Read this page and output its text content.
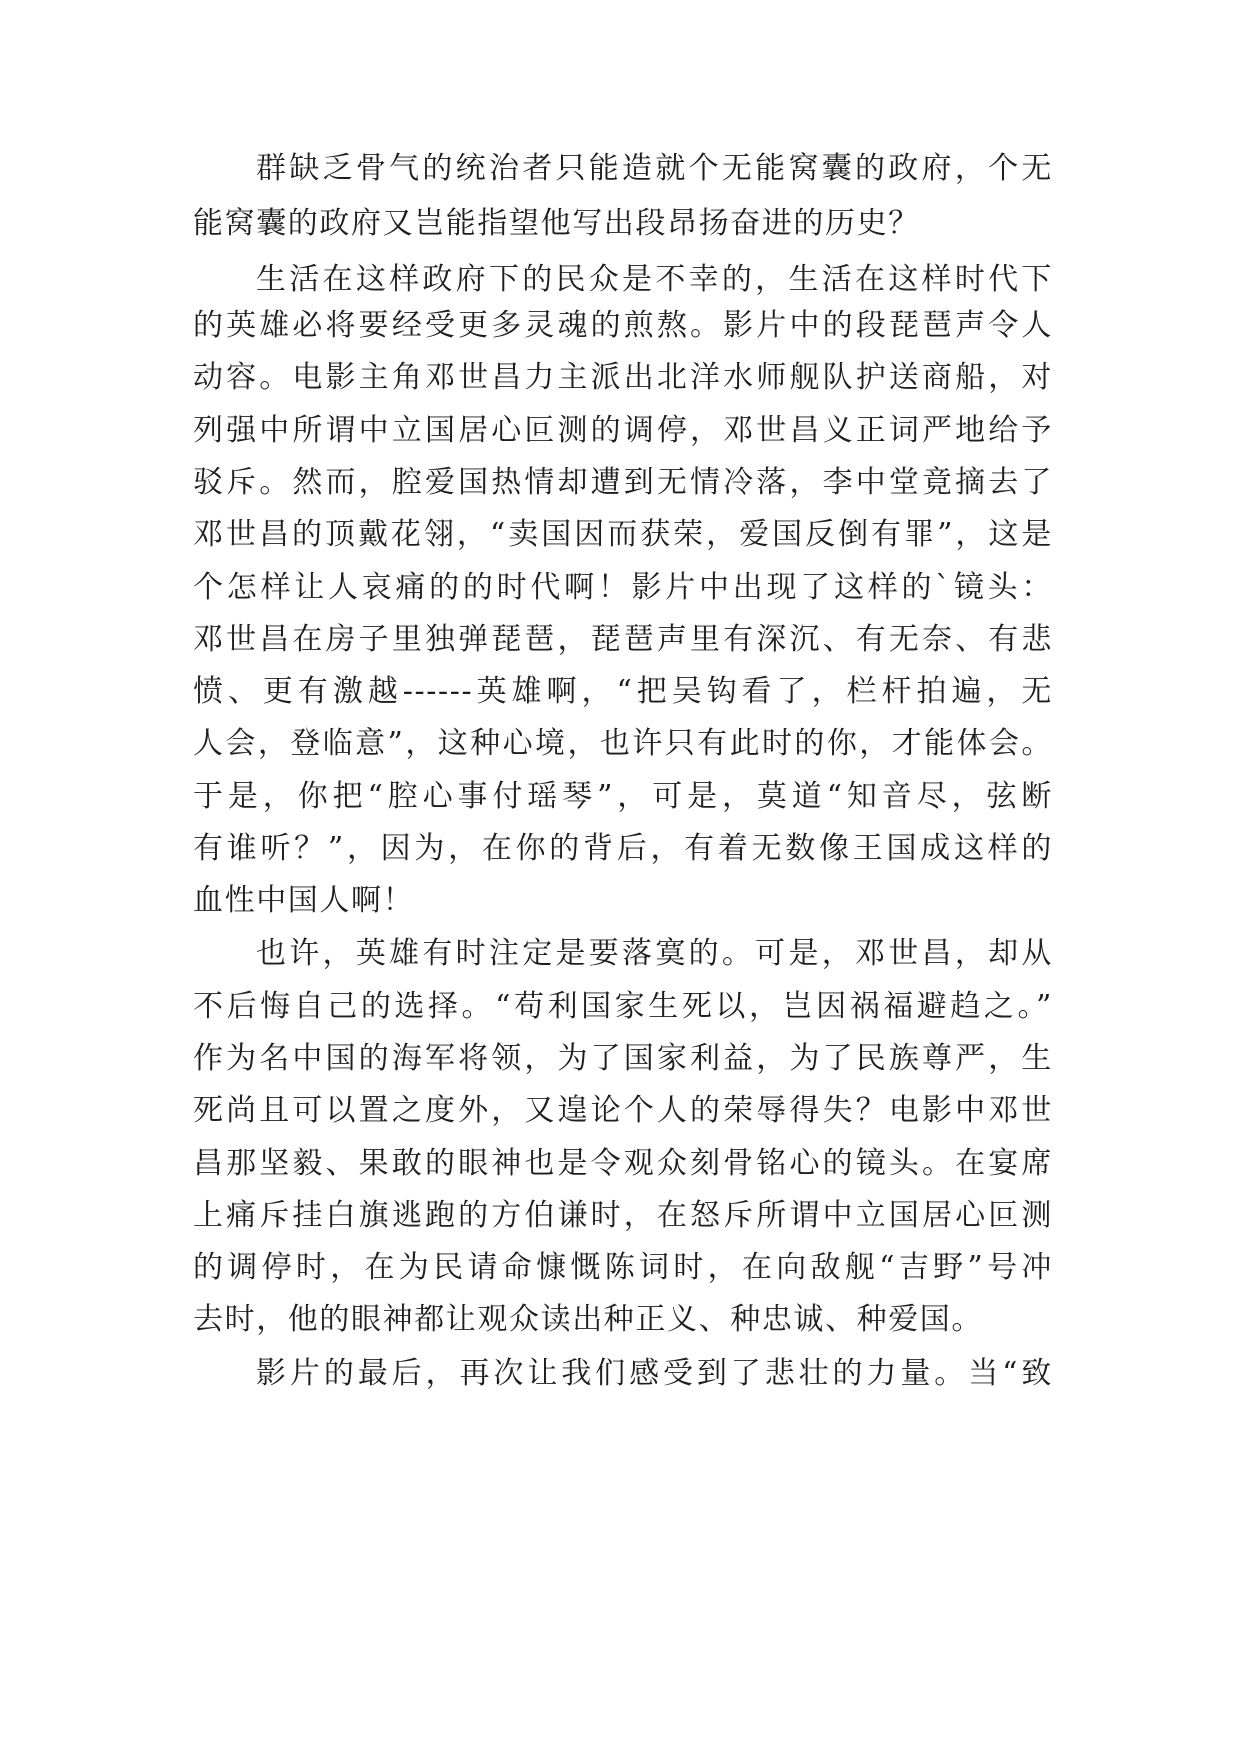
群缺乏骨气的统治者只能造就个无能窝囊的政府，个无
能窝囊的政府又岂能指望他写出段昂扬奋进的历史？
生活在这样政府下的民众是不幸的，生活在这样时代下
的英雄必将要经受更多灵魂的煎熬。影片中的段琵琶声令人
动容。电影主角邓世昌力主派出北洋水师舰队护送商船，对
列强中所谓中立国居心叵测的调停，邓世昌义正词严地给予
驳斥。然而，腔爱国热情却遭到无情冷落，李中堂竟摘去了
邓世昌的顶戴花翎，“卖国因而获荣，爱国反倒有罪”，这是
个怎样让人哀痛的的时代啊！影片中出现了这样的`镜头：
邓世昌在房子里独弹琵琶，琵琶声里有深沉、有无奈、有悲
愤、更有激越------英雄啊，“把吴钩看了，栏杆拍遍，无
人会，登临意”，这种心境，也许只有此时的你，才能体会。
于是，你把“腔心事付瑶琴”，可是，莫道“知音尽，弦断
有谁听？”，因为，在你的背后，有着无数像王国成这样的
血性中国人啊！
也许，英雄有时注定是要落寞的。可是，邓世昌，却从
不后悔自己的选择。“苟利国家生死以，岂因祸福避趋之。”
作为名中国的海军将领，为了国家利益，为了民族尊严，生
死尚且可以置之度外，又遑论个人的荣辱得失？电影中邓世
昌那坚毅、果敢的眼神也是令观众刻骨铭心的镜头。在宴席
上痛斥挂白旗逃跑的方伯谦时，在怒斥所谓中立国居心叵测
的调停时，在为民请命慷慨陈词时，在向敌舰“吉野”号冲
去时，他的眼神都让观众读出种正义、种忠诚、种爱国。
影片的最后，再次让我们感受到了悲壮的力量。当“致
